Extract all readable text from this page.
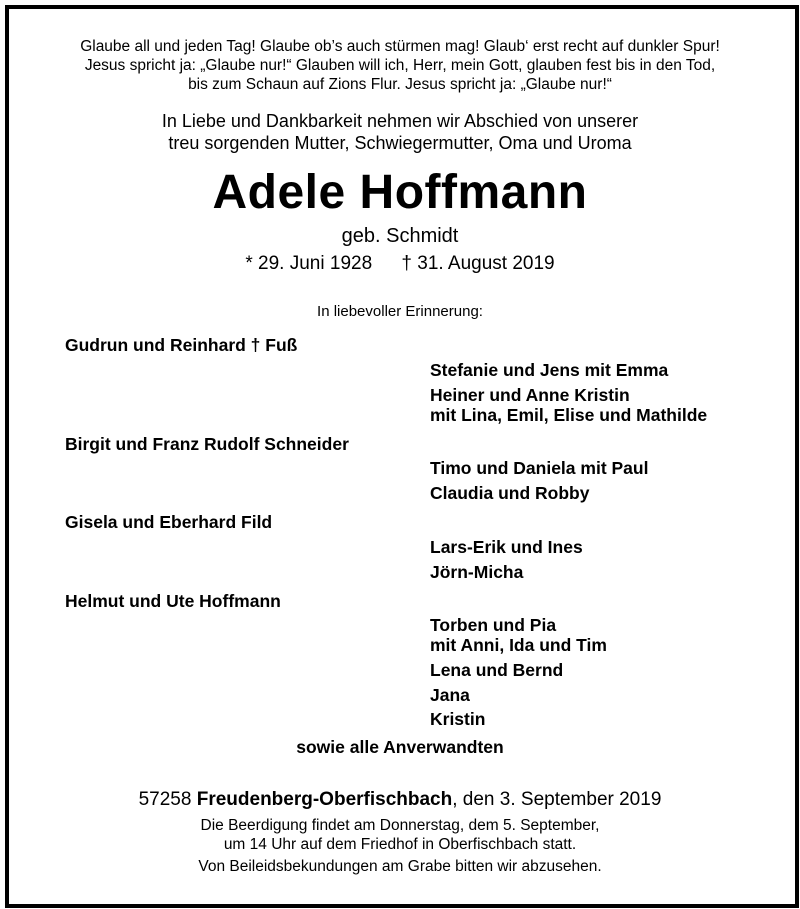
Glaube all und jeden Tag! Glaube ob’s auch stürmen mag! Glaub‘ erst recht auf dunkler Spur!
Jesus spricht ja: „Glaube nur!“ Glauben will ich, Herr, mein Gott, glauben fest bis in den Tod,
bis zum Schaun auf Zions Flur. Jesus spricht ja: „Glaube nur!“
In Liebe und Dankbarkeit nehmen wir Abschied von unserer
treu sorgenden Mutter, Schwiegermutter, Oma und Uroma
Adele Hoffmann
geb. Schmidt
* 29. Juni 1928 † 31. August 2019
In liebevoller Erinnerung:
Gudrun und Reinhard † Fuß
Stefanie und Jens mit Emma
Heiner und Anne Kristin
mit Lina, Emil, Elise und Mathilde
Birgit und Franz Rudolf Schneider
Timo und Daniela mit Paul
Claudia und Robby
Gisela und Eberhard Fild
Lars-Erik und Ines
Jörn-Micha
Helmut und Ute Hoffmann
Torben und Pia
mit Anni, Ida und Tim
Lena und Bernd
Jana
Kristin
sowie alle Anverwandten
57258 Freudenberg-Oberfischbach, den 3. September 2019
Die Beerdigung findet am Donnerstag, dem 5. September,
um 14 Uhr auf dem Friedhof in Oberfischbach statt.
Von Beileidsbekundungen am Grabe bitten wir abzusehen.
